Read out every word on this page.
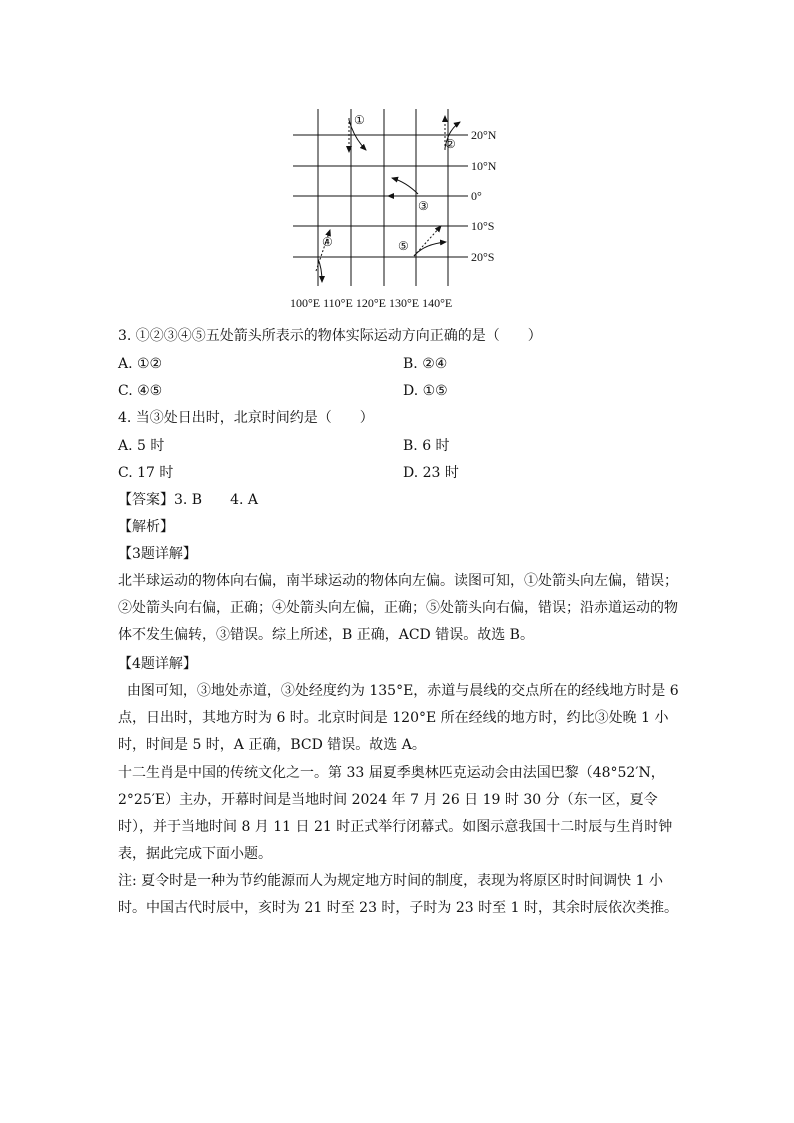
①
②
③
④	⑤
20°N
10°N
0°
10°S
20°S
100°E 110°E 120°E 130°E 140°E
3. ①②③④⑤五处箭头所表示的物体实际运动方向正确的是（　　）
A. ①②	B. ②④
C. ④⑤	D. ①⑤
4. 当③处日出时，北京时间约是（　　）
A. 5 时	B. 6 时
C. 17 时	D. 23 时
【答案】3. B　　4. A
【解析】
【3题详解】
北半球运动的物体向右偏，南半球运动的物体向左偏。读图可知，①处箭头向左偏，错误；②处箭头向右偏，正确；④处箭头向左偏，正确；⑤处箭头向右偏，错误；沿赤道运动的物体不发生偏转，③错误。综上所述，B 正确，ACD 错误。故选 B。
【4题详解】
由图可知，③地处赤道，③处经度约为 135°E，赤道与晨线的交点所在的经线地方时是 6 点，日出时，其地方时为 6 时。北京时间是 120°E 所在经线的地方时，约比③处晚 1 小时，时间是 5 时，A 正确，BCD 错误。故选 A。
十二生肖是中国的传统文化之一。第 33 届夏季奥林匹克运动会由法国巴黎（48°52′N，2°25′E）主办，开幕时间是当地时间 2024 年 7 月 26 日 19 时 30 分（东一区，夏令时），并于当地时间 8 月 11 日 21 时正式举行闭幕式。如图示意我国十二时辰与生肖时钟表，据此完成下面小题。
注: 夏令时是一种为节约能源而人为规定地方时间的制度，表现为将原区时时间调快 1 小时。中国古代时辰中，亥时为 21 时至 23 时，子时为 23 时至 1 时，其余时辰依次类推。
